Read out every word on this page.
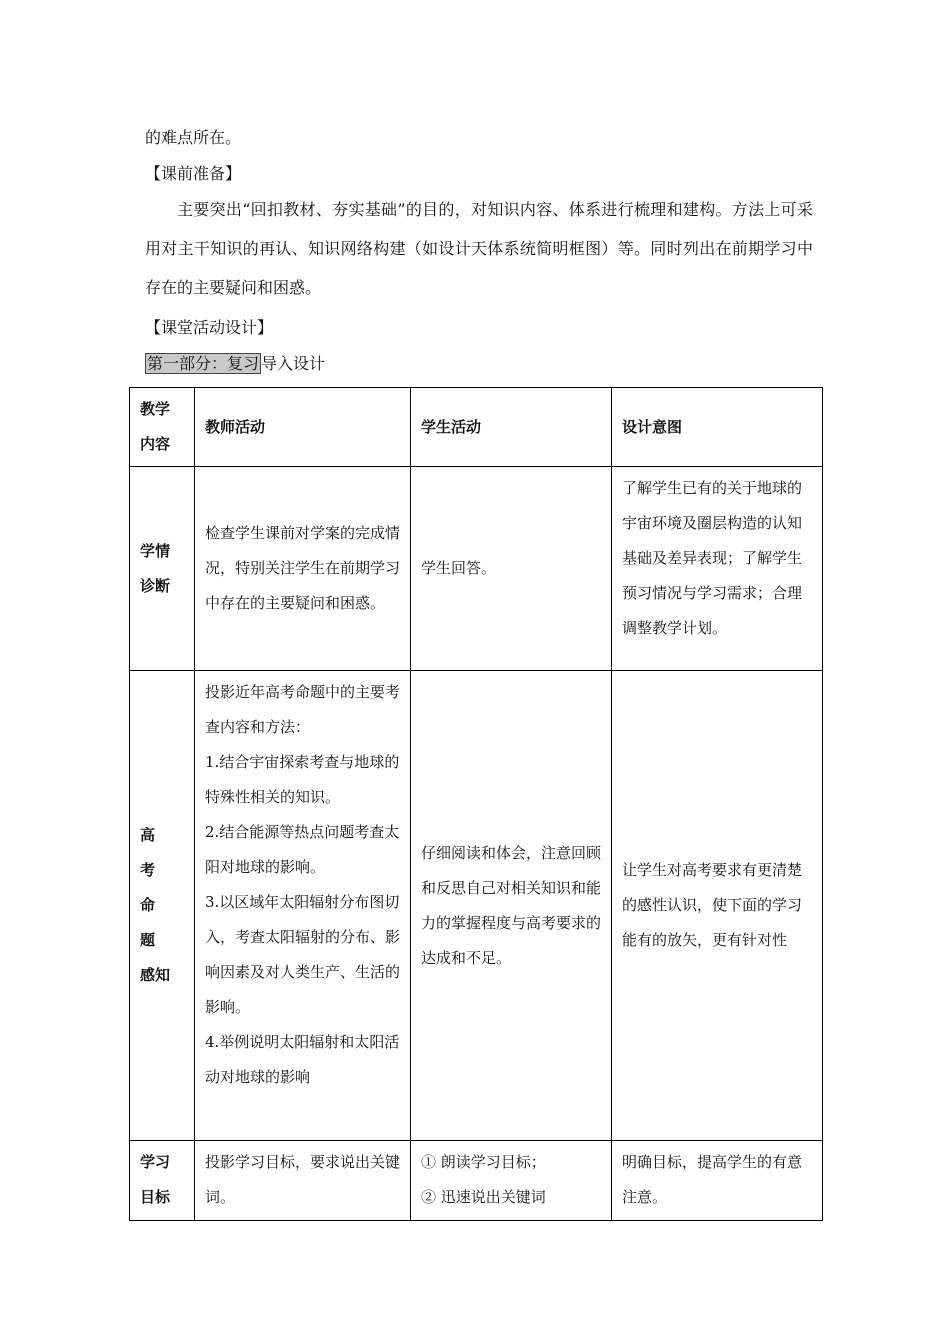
的难点所在。
【课前准备】
主要突出“回扣教材、夯实基础”的目的，对知识内容、体系进行梳理和建构。方法上可采用对主干知识的再认、知识网络构建（如设计天体系统简明框图）等。同时列出在前期学习中存在的主要疑问和困惑。
【课堂活动设计】
第一部分：复习 导入设计
教学
内容	教师活动	学生活动	设计意图

学情
诊断	检查学生课前对学案的完成情况，特别关注学生在前期学习中存在的主要疑问和困惑。	学生回答。	了解学生已有的关于地球的宇宙环境及圈层构造的认知基础及差异表现；了解学生预习情况与学习需求；合理调整教学计划。

高考
命题
感知	投影近年高考命题中的主要考查内容和方法：
1.结合宇宙探索考查与地球的特殊性相关的知识。
2.结合能源等热点问题考查太阳对地球的影响。
3.以区域年太阳辐射分布图切入，考查太阳辐射的分布、影响因素及对人类生产、生活的影响。
4.举例说明太阳辐射和太阳活动对地球的影响	仔细阅读和体会，注意回顾和反思自己对相关知识和能力的掌握程度与高考要求的达成和不足。	让学生对高考要求有更清楚的感性认识，使下面的学习能有的放矢，更有针对性

学习
目标	投影学习目标，要求说出关键词。	① 朗读学习目标；
② 迅速说出关键词	明确目标，提高学生的有意注意。
